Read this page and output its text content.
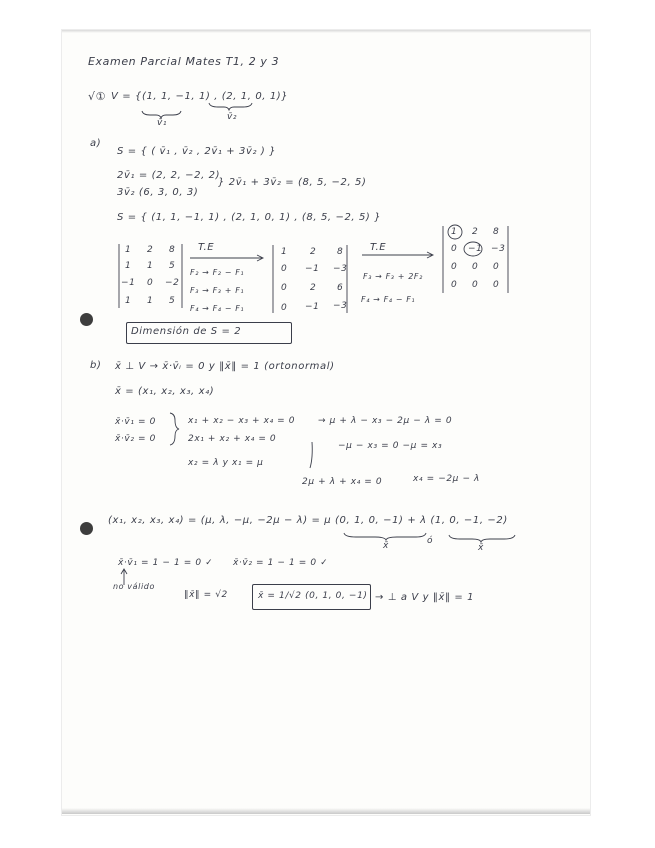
Examen Parcial Mates T1, 2 y 3
√① V = {(1, 1, −1, 1) , (2, 1, 0, 1)}
v̄₁
v̄₂
a)
S = { ( v̄₁ , v̄₂ , 2v̄₁ + 3v̄₂ ) }
2v̄₁ = (2, 2, −2, 2)
3v̄₂ (6, 3, 0, 3)
} 2v̄₁ + 3v̄₂ = (8, 5, −2, 5)
S = { (1, 1, −1, 1) , (2, 1, 0, 1) , (8, 5, −2, 5) }
1 2 8
1 1 5
−1 0 −2
1 1 5
T.E
F₂ → F₂ − F₁
F₃ → F₃ + F₁
F₄ → F₄ − F₁
1	2 8
0 −1 −3
0	2 6
0 −1 −3
T.E
F₃ → F₃ + 2F₂
F₄ → F₄ − F₁
1 2 8
0 −1 −3
0 0 0
0 0 0
Dimensión de S = 2
b) x̄ ⊥ V → x̄·v̄ᵢ = 0 y ‖x̄‖ = 1 (ortonormal)
x̄ = (x₁, x₂, x₃, x₄)
x̄·v̄₁ = 0
x̄·v̄₂ = 0
x₁ + x₂ − x₃ + x₄ = 0	→ μ + λ − x₃ − 2μ − λ = 0
2x₁ + x₂ + x₄ = 0
−μ − x₃ = 0 −μ = x₃
x₂ = λ y x₁ = μ
2μ + λ + x₄ = 0	x₄ = −2μ − λ
(x₁, x₂, x₃, x₄) = (μ, λ, −μ, −2μ − λ) = μ (0, 1, 0, −1) + λ (1, 0, −1, −2)
x̄	ó
x̄
x̄·v̄₁ = 1 − 1 = 0 ✓ x̄·v̄₂ = 1 − 1 = 0 ✓
no válido
‖x̄‖ = √2	x̄ = 1/√2 (0, 1, 0, −1) → ⊥ a V y ‖x̄‖ = 1
